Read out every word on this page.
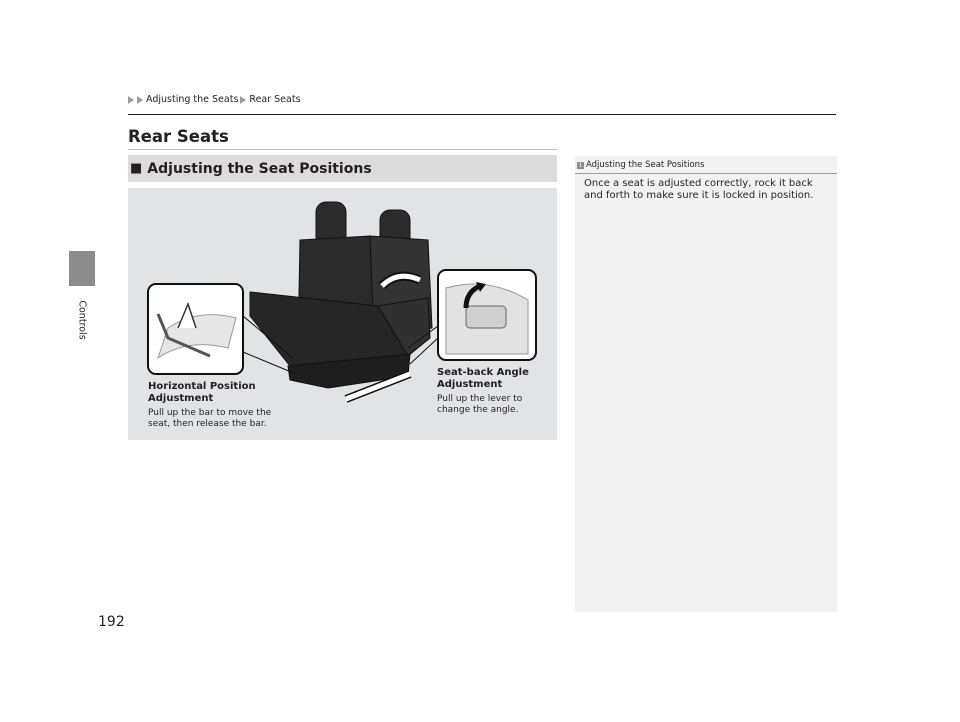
Controls
Adjusting the Seats Rear Seats
Rear Seats
■ Adjusting the Seat Positions
Horizontal Position Adjustment
Pull up the bar to move the seat, then release the bar.
Seat-back Angle Adjustment
Pull up the lever to change the angle.
1 Adjusting the Seat Positions
Once a seat is adjusted correctly, rock it back and forth to make sure it is locked in position.
192
